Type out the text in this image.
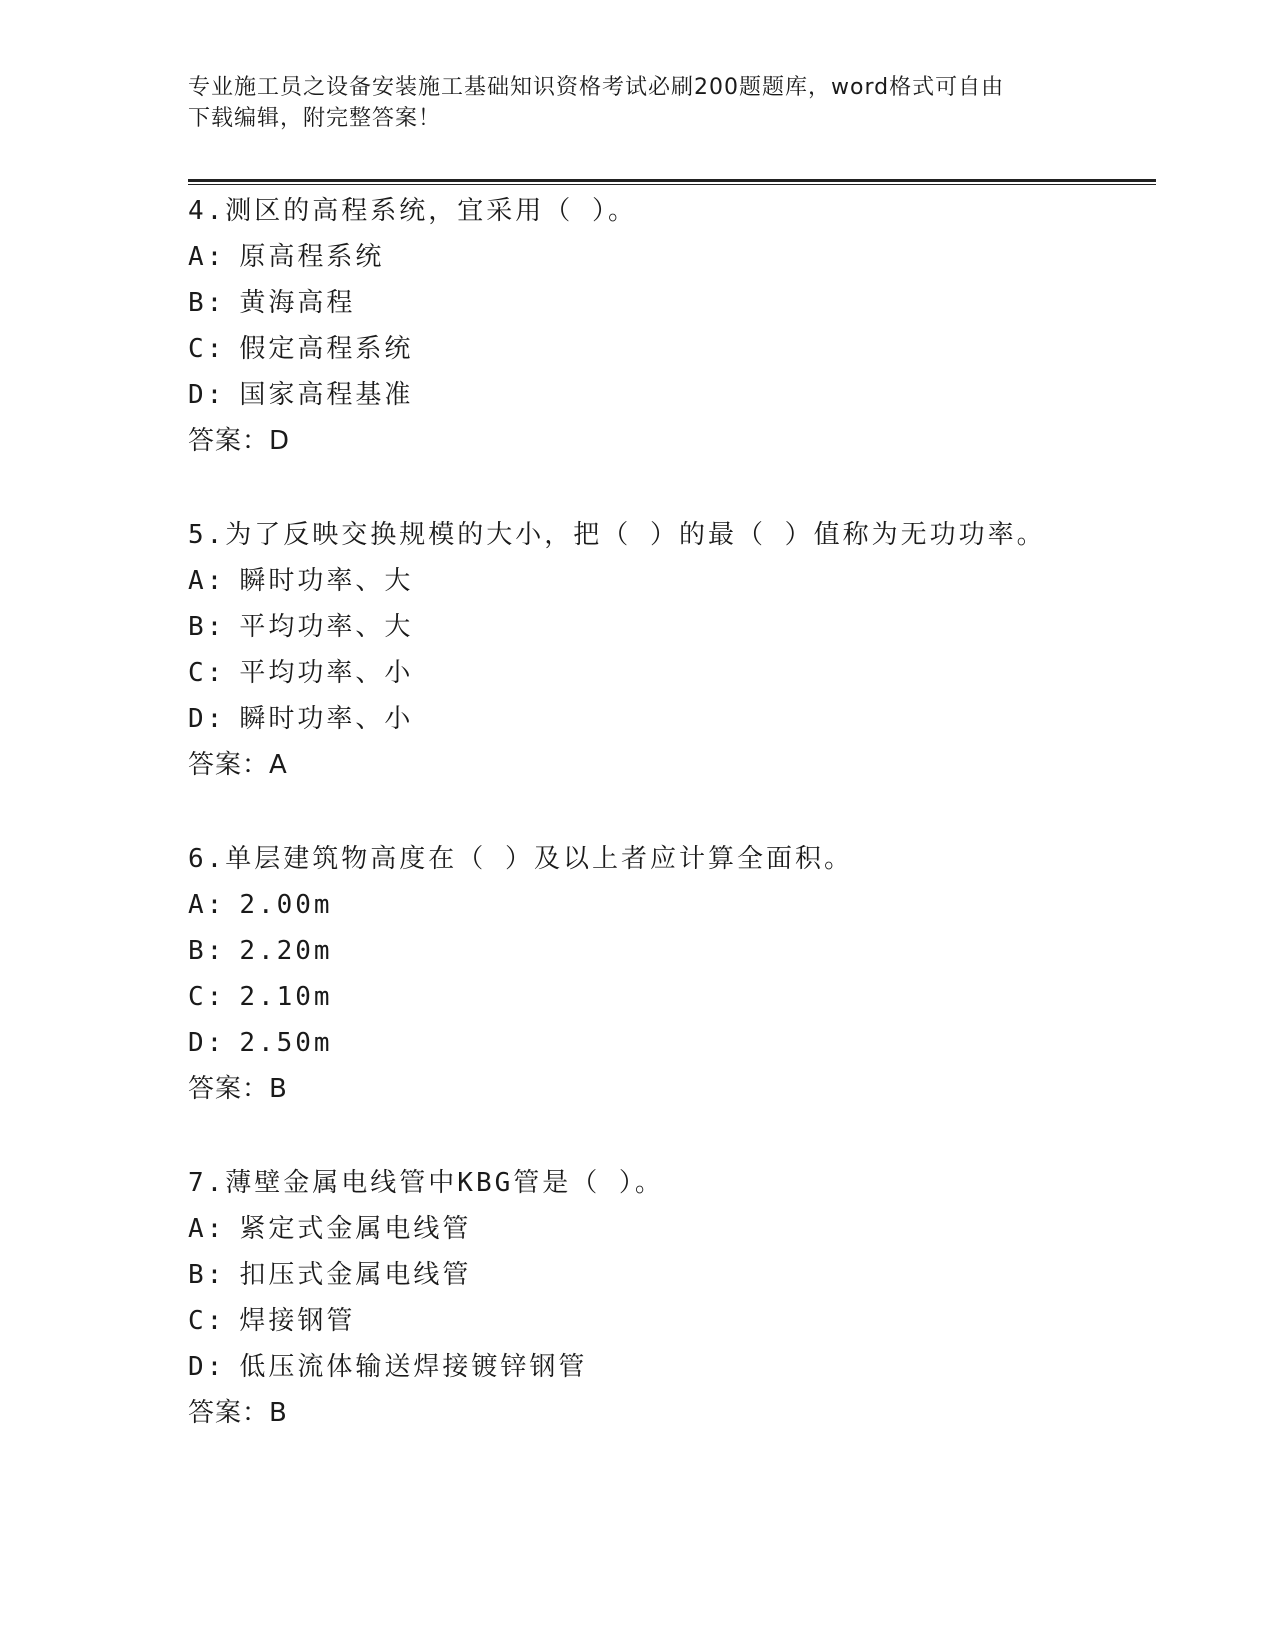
专业施工员之设备安装施工基础知识资格考试必刷200题题库，word格式可自由
下载编辑，附完整答案！
4.测区的高程系统，宜采用（ ）。
A: 原高程系统
B: 黄海高程
C: 假定高程系统
D: 国家高程基准
答案：D
5.为了反映交换规模的大小，把（ ）的最（ ）值称为无功功率。
A: 瞬时功率、大
B: 平均功率、大
C: 平均功率、小
D: 瞬时功率、小
答案：A
6.单层建筑物高度在（ ）及以上者应计算全面积。
A: 2.00m
B: 2.20m
C: 2.10m
D: 2.50m
答案：B
7.薄壁金属电线管中KBG管是（ ）。
A: 紧定式金属电线管
B: 扣压式金属电线管
C: 焊接钢管
D: 低压流体输送焊接镀锌钢管
答案：B
